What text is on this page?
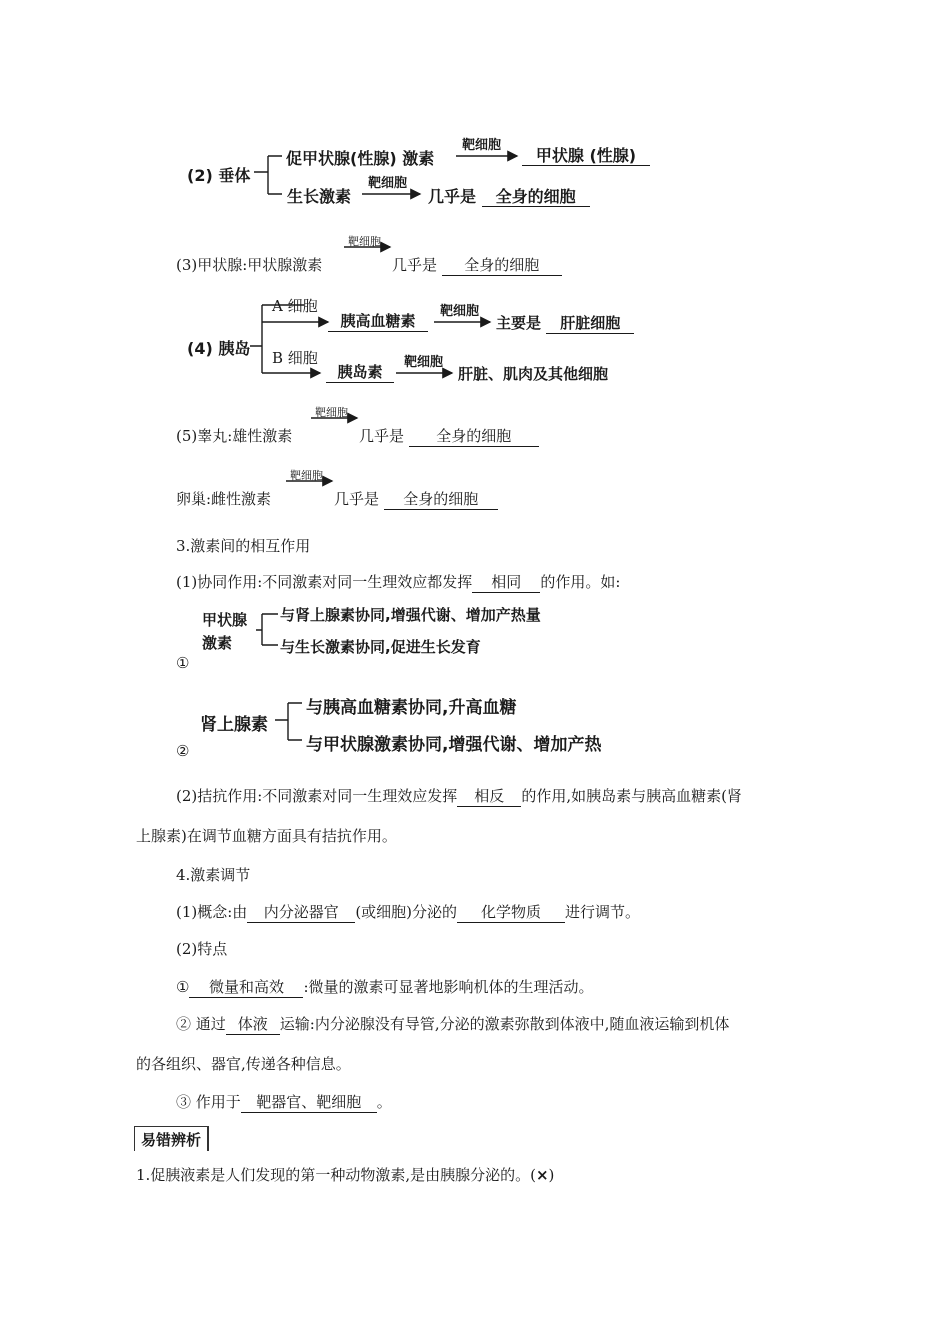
(2) 垂体
促甲状腺(性腺) 激素
靶细胞
甲状腺 (性腺)
生长激素
靶细胞
几乎是 全身的细胞
(3)甲状腺:甲状腺激素
靶细胞
几乎是 全身的细胞
(4) 胰岛
A 细胞
胰高血糖素
靶细胞
主要是 肝脏细胞
B 细胞
胰岛素
靶细胞
肝脏、肌肉及其他细胞
(5)睾丸:雄性激素
靶细胞
几乎是 全身的细胞
卵巢:雌性激素
靶细胞
几乎是 全身的细胞
3.激素间的相互作用
(1)协同作用:不同激素对同一生理效应都发挥 相同 的作用。如:
甲状腺
激素
与肾上腺素协同,增强代谢、增加产热量
与生长激素协同,促进生长发育
①
肾上腺素
与胰高血糖素协同,升高血糖
与甲状腺激素协同,增强代谢、增加产热
②
(2)拮抗作用:不同激素对同一生理效应发挥 相反 的作用,如胰岛素与胰高血糖素(肾
上腺素)在调节血糖方面具有拮抗作用。
4.激素调节
(1)概念:由 内分泌器官 (或细胞)分泌的 化学物质 进行调节。
(2)特点
① 微量和高效 :微量的激素可显著地影响机体的生理活动。
② 通过 体液 运输:内分泌腺没有导管,分泌的激素弥散到体液中,随血液运输到机体
的各组织、器官,传递各种信息。
③ 作用于 靶器官、靶细胞 。
易错辨析
1.促胰液素是人们发现的第一种动物激素,是由胰腺分泌的。(×)
